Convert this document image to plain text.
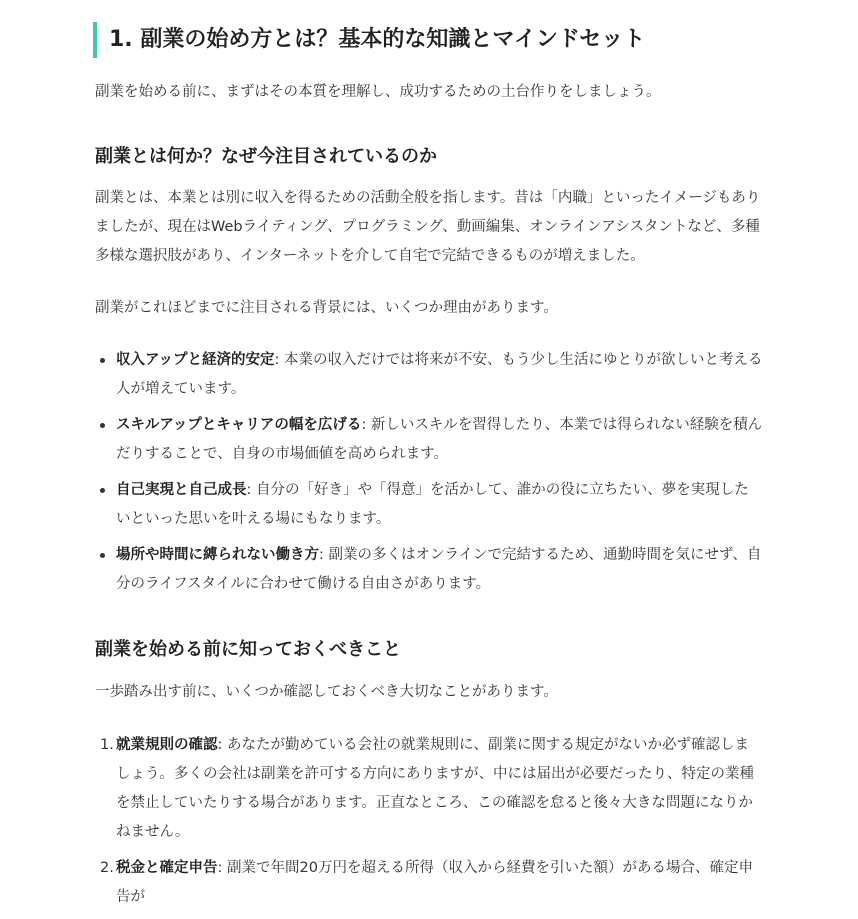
1. 副業の始め方とは？基本的な知識とマインドセット

副業を始める前に、まずはその本質を理解し、成功するための土台作りをしましょう。

副業とは何か？なぜ今注目されているのか

副業とは、本業とは別に収入を得るための活動全般を指します。昔は「内職」といったイメージもありましたが、現在はWebライティング、プログラミング、動画編集、オンラインアシスタントなど、多種多様な選択肢があり、インターネットを介して自宅で完結できるものが増えました。

副業がこれほどまでに注目される背景には、いくつか理由があります。

収入アップと経済的安定: 本業の収入だけでは将来が不安、もう少し生活にゆとりが欲しいと考える人が増えています。
スキルアップとキャリアの幅を広げる: 新しいスキルを習得したり、本業では得られない経験を積んだりすることで、自身の市場価値を高められます。
自己実現と自己成長: 自分の「好き」や「得意」を活かして、誰かの役に立ちたい、夢を実現したいといった思いを叶える場にもなります。
場所や時間に縛られない働き方: 副業の多くはオンラインで完結するため、通勤時間を気にせず、自分のライフスタイルに合わせて働ける自由さがあります。
副業を始める前に知っておくべきこと

一歩踏み出す前に、いくつか確認しておくべき大切なことがあります。

1. 就業規則の確認: あなたが勤めている会社の就業規則に、副業に関する規定がないか必ず確認しましょう。多くの会社は副業を許可する方向にありますが、中には届出が必要だったり、特定の業種を禁止していたりする場合があります。正直なところ、この確認を怠ると後々大きな問題になりかねません。
2. 税金と確定申告: 副業で年間20万円を超える所得（収入から経費を引いた額）がある場合、確定申告が
